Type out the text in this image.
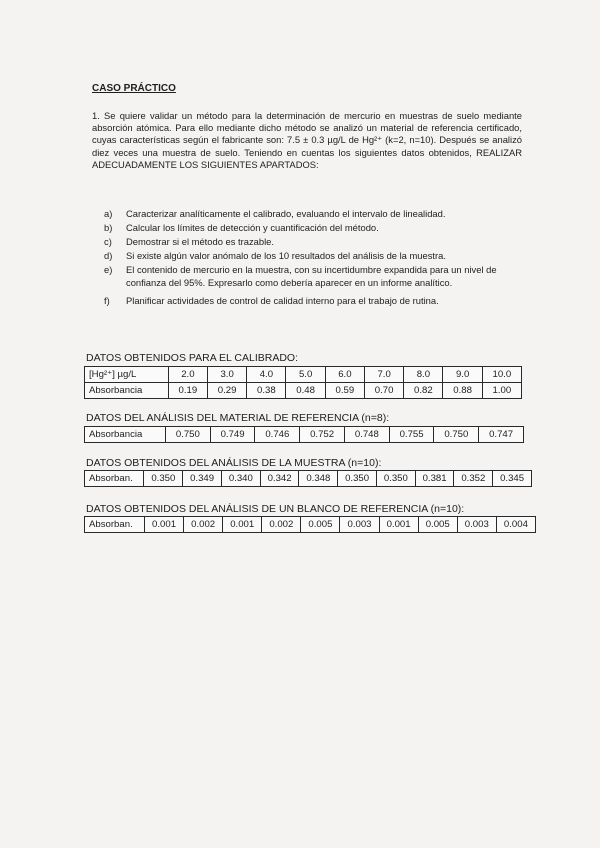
CASO PRÁCTICO
1. Se quiere validar un método para la determinación de mercurio en muestras de suelo mediante absorción atómica. Para ello mediante dicho método se analizó un material de referencia certificado, cuyas características según el fabricante son: 7.5 ± 0.3 µg/L de Hg²⁺ (k=2, n=10). Después se analizó diez veces una muestra de suelo. Teniendo en cuentas los siguientes datos obtenidos, REALIZAR ADECUADAMENTE LOS SIGUIENTES APARTADOS:
a) Caracterizar analíticamente el calibrado, evaluando el intervalo de linealidad.
b) Calcular los límites de detección y cuantificación del método.
c) Demostrar si el método es trazable.
d) Si existe algún valor anómalo de los 10 resultados del análisis de la muestra.
e) El contenido de mercurio en la muestra, con su incertidumbre expandida para un nivel de confianza del 95%. Expresarlo como debería aparecer en un informe analítico.
f) Planificar actividades de control de calidad interno para el trabajo de rutina.
DATOS OBTENIDOS PARA EL CALIBRADO:
[Hg²⁺] µg/L	2.0	3.0	4.0	5.0	6.0	7.0	8.0	9.0	10.0
Absorbancia	0.19	0.29	0.38	0.48	0.59	0.70	0.82	0.88	1.00
DATOS DEL ANÁLISIS DEL MATERIAL DE REFERENCIA (n=8):
Absorbancia	0.750	0.749	0.746	0.752	0.748	0.755	0.750	0.747
DATOS OBTENIDOS DEL ANÁLISIS DE LA MUESTRA (n=10):
Absorban.	0.350	0.349	0.340	0.342	0.348	0.350	0.350	0.381	0.352	0.345
DATOS OBTENIDOS DEL ANÁLISIS DE UN BLANCO DE REFERENCIA (n=10):
Absorban.	0.001	0.002	0.001	0.002	0.005	0.003	0.001	0.005	0.003	0.004
